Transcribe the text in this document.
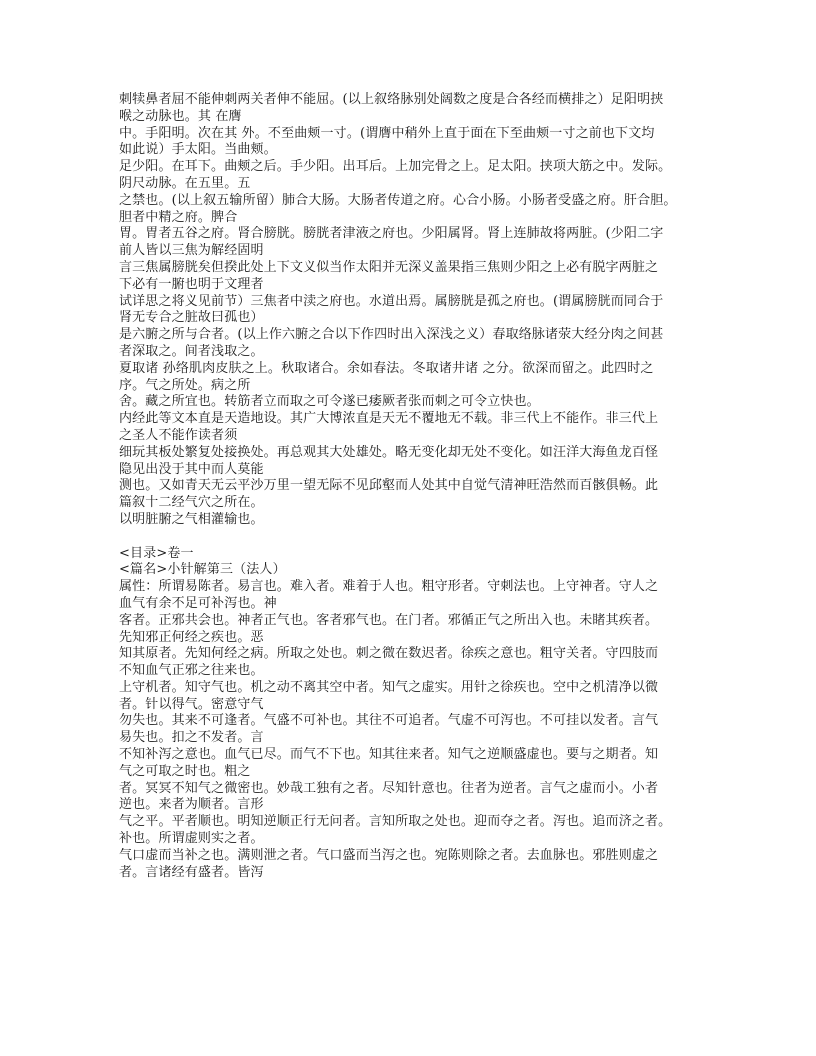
刺犊鼻者屈不能伸刺两关者伸不能屈。(以上叙络脉别处阔数之度是合各经而横排之）足阳明挟
喉之动脉也。其 在膺
中。手阳明。次在其 外。不至曲颊一寸。(谓膺中稍外上直于面在下至曲颊一寸之前也下文均
如此说）手太阳。当曲颊。
足少阳。在耳下。曲颊之后。手少阳。出耳后。上加完骨之上。足太阳。挟项大筋之中。发际。
阴尺动脉。在五里。五
之禁也。(以上叙五输所留）肺合大肠。大肠者传道之府。心合小肠。小肠者受盛之府。肝合胆。
胆者中精之府。脾合
胃。胃者五谷之府。肾合膀胱。膀胱者津液之府也。少阳属肾。肾上连肺故将两脏。(少阳二字
前人皆以三焦为解经固明
言三焦属膀胱矣但揆此处上下文义似当作太阳并无深义盖果指三焦则少阳之上必有脱字两脏之
下必有一腑也明于文理者
试详思之将义见前节）三焦者中渎之府也。水道出焉。属膀胱是孤之府也。(谓属膀胱而同合于
肾无专合之脏故曰孤也）
是六腑之所与合者。(以上作六腑之合以下作四时出入深浅之义）春取络脉诸荥大经分肉之间甚
者深取之。间者浅取之。
夏取诸 孙络肌肉皮肤之上。秋取诸合。余如春法。冬取诸井诸 之分。欲深而留之。此四时之
序。气之所处。病之所
舍。藏之所宜也。转筋者立而取之可令遂已痿厥者张而刺之可令立快也。
内经此等文本直是天造地设。其广大博浓直是天无不覆地无不载。非三代上不能作。非三代上
之圣人不能作读者须
细玩其板处繁复处接换处。再总观其大处雄处。略无变化却无处不变化。如汪洋大海鱼龙百怪
隐见出没于其中而人莫能
测也。又如青天无云平沙万里一望无际不见邱壑而人处其中自觉气清神旺浩然而百骸俱畅。此
篇叙十二经气穴之所在。
以明脏腑之气相灌输也。
<目录>卷一
<篇名>小针解第三（法人）
属性：所谓易陈者。易言也。难入者。难着于人也。粗守形者。守刺法也。上守神者。守人之
血气有余不足可补泻也。神
客者。正邪共会也。神者正气也。客者邪气也。在门者。邪循正气之所出入也。未睹其疾者。
先知邪正何经之疾也。恶
知其原者。先知何经之病。所取之处也。刺之微在数迟者。徐疾之意也。粗守关者。守四肢而
不知血气正邪之往来也。
上守机者。知守气也。机之动不离其空中者。知气之虚实。用针之徐疾也。空中之机清净以微
者。针以得气。密意守气
勿失也。其来不可逢者。气盛不可补也。其往不可追者。气虚不可泻也。不可挂以发者。言气
易失也。扣之不发者。言
不知补泻之意也。血气已尽。而气不下也。知其往来者。知气之逆顺盛虚也。要与之期者。知
气之可取之时也。粗之
者。冥冥不知气之微密也。妙哉工独有之者。尽知针意也。往者为逆者。言气之虚而小。小者
逆也。来者为顺者。言形
气之平。平者顺也。明知逆顺正行无问者。言知所取之处也。迎而夺之者。泻也。追而济之者。
补也。所谓虚则实之者。
气口虚而当补之也。满则泄之者。气口盛而当泻之也。宛陈则除之者。去血脉也。邪胜则虚之
者。言诸经有盛者。皆泻
